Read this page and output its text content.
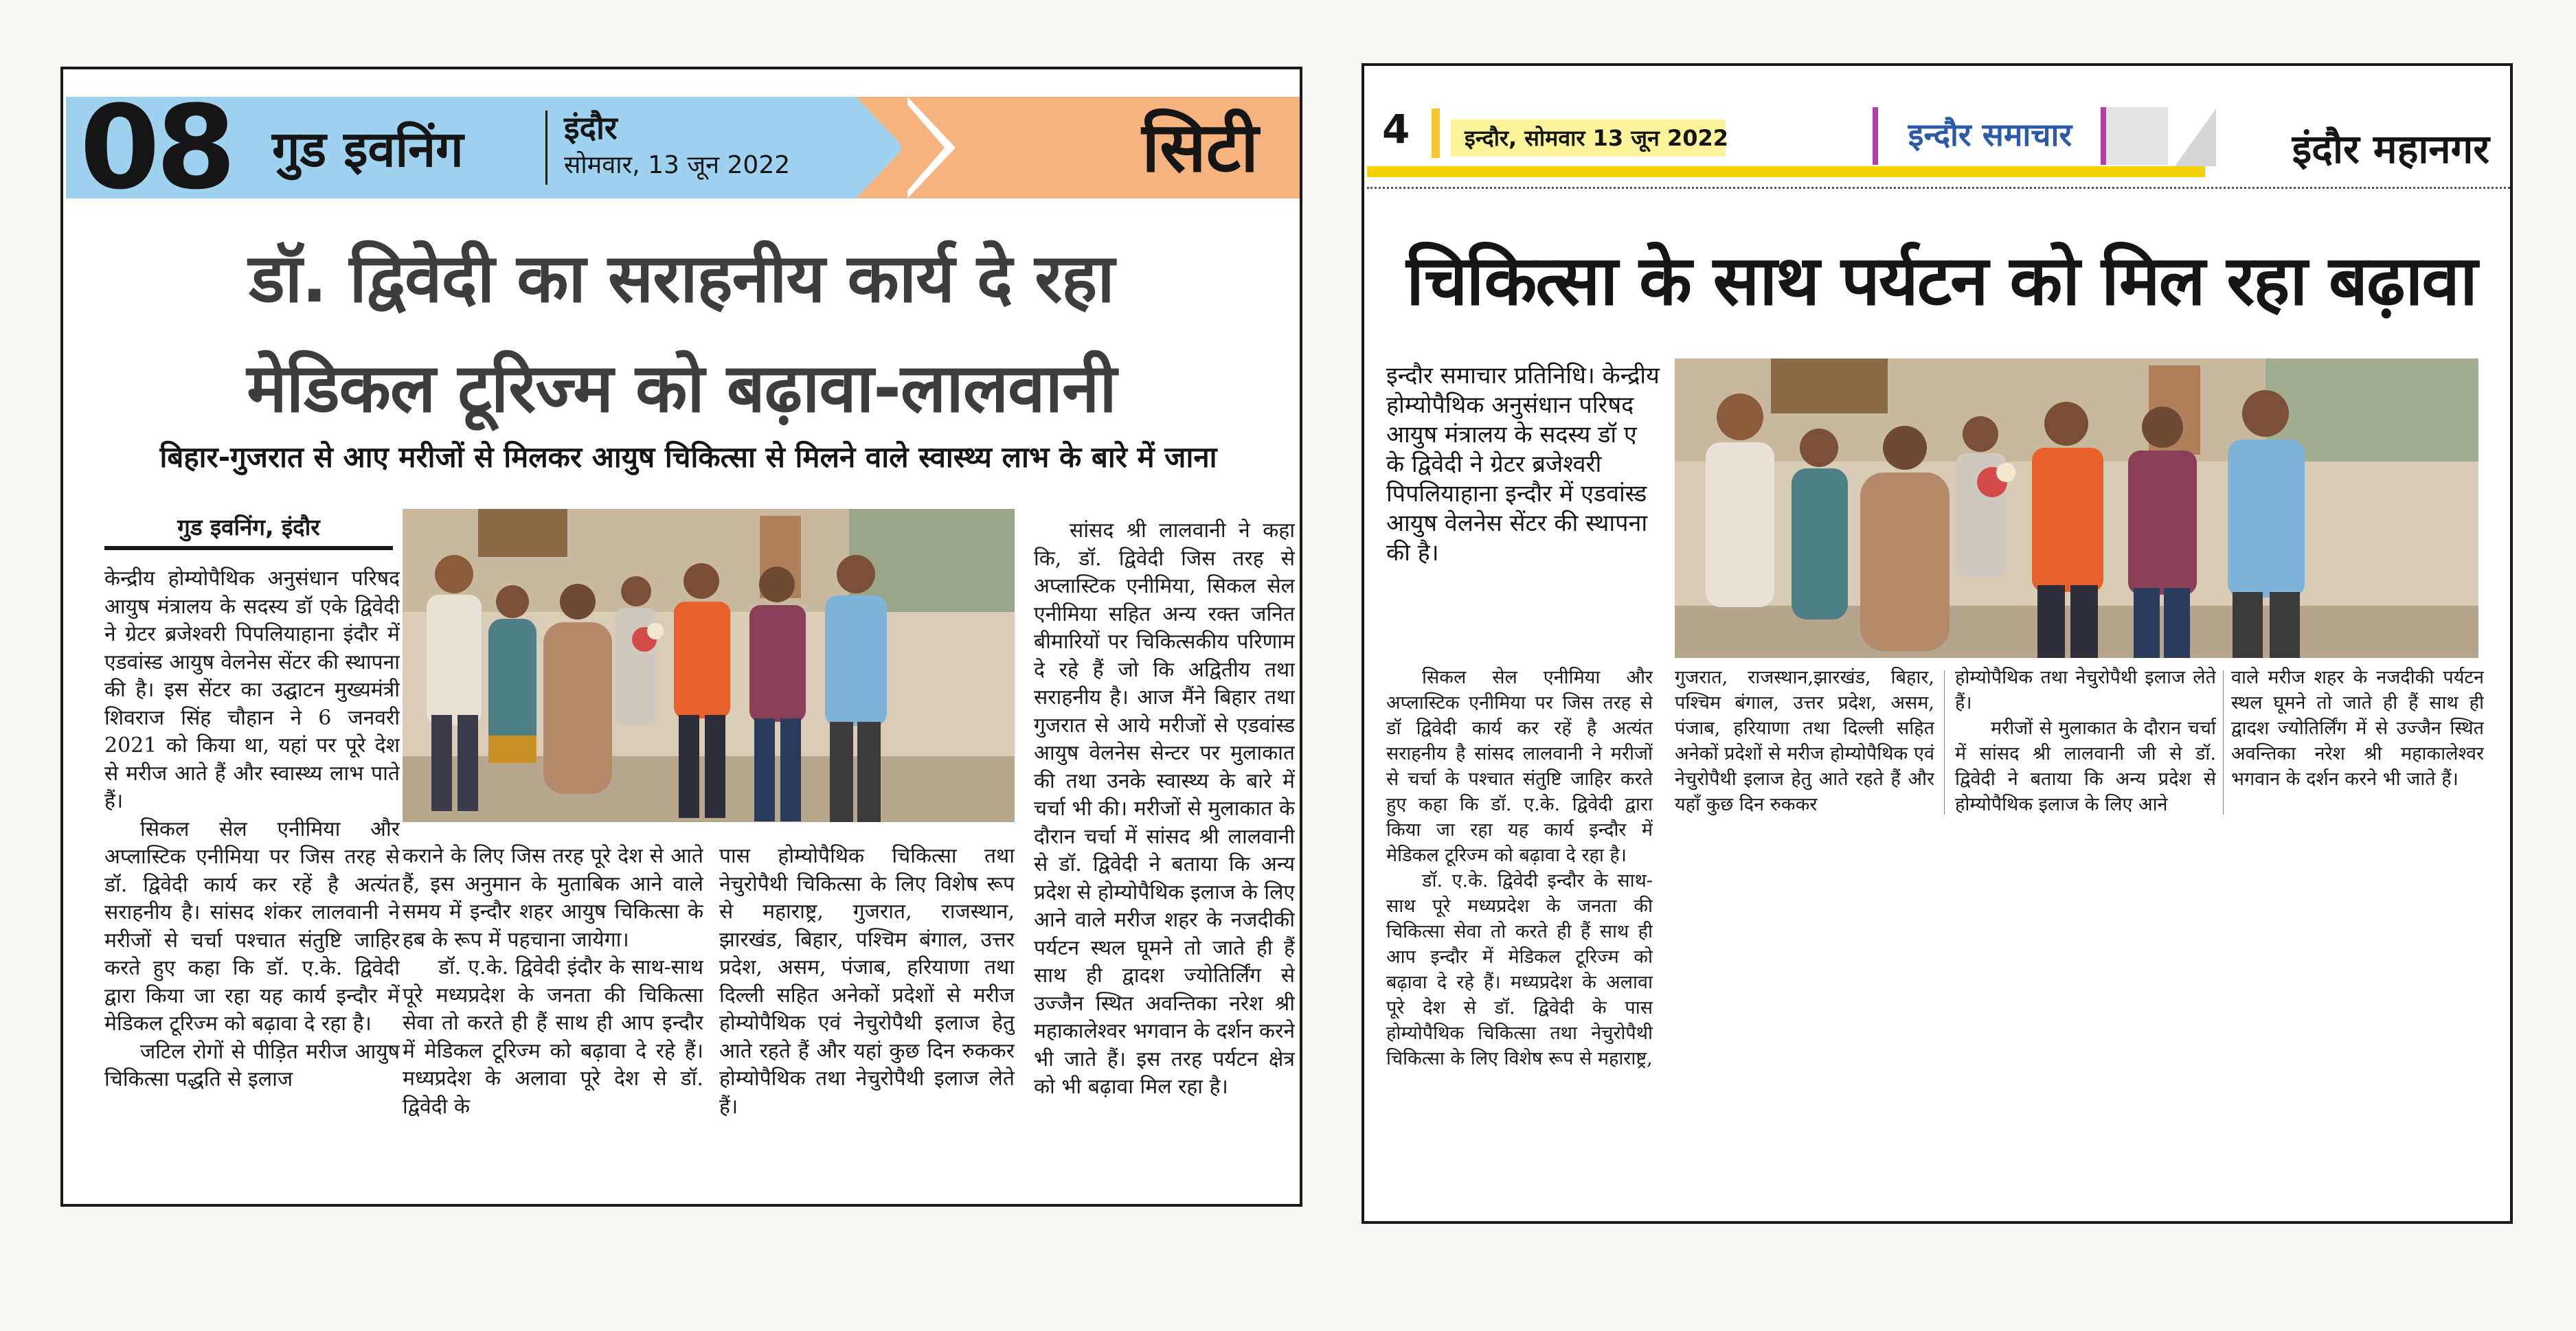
08 गुड इवनिंग	इंदौर
सोमवार, 13 जून 2022	सिटी
डॉ. द्विवेदी का सराहनीय कार्य दे रहा
मेडिकल टूरिज्म को बढ़ावा-लालवानी
बिहार-गुजरात से आए मरीजों से मिलकर आयुष चिकित्सा से मिलने वाले स्वास्थ्य लाभ के बारे में जाना
गुड इवनिंग, इंदौर

केन्द्रीय होम्योपैथिक अनुसंधान परिषद आयुष मंत्रालय के सदस्य डॉ एके द्विवेदी ने ग्रेटर ब्रजेश्वरी पिपलियाहाना इंदौर में एडवांस्ड आयुष वेलनेस सेंटर की स्थापना की है। इस सेंटर का उद्घाटन मुख्यमंत्री शिवराज सिंह चौहान ने 6 जनवरी 2021 को किया था, यहां पर पूरे देश से मरीज आते हैं और स्वास्थ्य लाभ पाते हैं।

सिकल सेल एनीमिया और अप्लास्टिक एनीमिया पर जिस तरह से डॉ. द्विवेदी कार्य कर रहें है अत्यंत सराहनीय है। सांसद शंकर लालवानी ने मरीजों से चर्चा पश्चात संतुष्टि जाहिर करते हुए कहा कि डॉ. ए.के. द्विवेदी द्वारा किया जा रहा यह कार्य इन्दौर में मेडिकल टूरिज्म को बढ़ावा दे रहा है।

जटिल रोगों से पीड़ित मरीज आयुष चिकित्सा पद्धति से इलाज

कराने के लिए जिस तरह पूरे देश से आते हैं, इस अनुमान के मुताबिक आने वाले समय में इन्दौर शहर आयुष चिकित्सा के हब के रूप में पहचाना जायेगा।

डॉ. ए.के. द्विवेदी इंदौर के साथ-साथ पूरे मध्यप्रदेश के जनता की चिकित्सा सेवा तो करते ही हैं साथ ही आप इन्दौर में मेडिकल टूरिज्म को बढ़ावा दे रहे हैं। मध्यप्रदेश के अलावा पूरे देश से डॉ. द्विवेदी के

पास होम्योपैथिक चिकित्सा तथा नेचुरोपैथी चिकित्सा के लिए विशेष रूप से महाराष्ट्र, गुजरात, राजस्थान, झारखंड, बिहार, पश्चिम बंगाल, उत्तर प्रदेश, असम, पंजाब, हरियाणा तथा दिल्ली सहित अनेकों प्रदेशों से मरीज होम्योपैथिक एवं नेचुरोपैथी इलाज हेतु आते रहते हैं और यहां कुछ दिन रुककर होम्योपैथिक तथा नेचुरोपैथी इलाज लेते हैं।

सांसद श्री लालवानी ने कहा कि, डॉ. द्विवेदी जिस तरह से अप्लास्टिक एनीमिया, सिकल सेल एनीमिया सहित अन्य रक्त जनित बीमारियों पर चिकित्सकीय परिणाम दे रहे हैं जो कि अद्वितीय तथा सराहनीय है। आज मैंने बिहार तथा गुजरात से आये मरीजों से एडवांस्ड आयुष वेलनेस सेन्टर पर मुलाकात की तथा उनके स्वास्थ्य के बारे में चर्चा भी की। मरीजों से मुलाकात के दौरान चर्चा में सांसद श्री लालवानी से डॉ. द्विवेदी ने बताया कि अन्य प्रदेश से होम्योपैथिक इलाज के लिए आने वाले मरीज शहर के नजदीकी पर्यटन स्थल घूमने तो जाते ही हैं साथ ही द्वादश ज्योतिर्लिंग से उज्जैन स्थित अवन्तिका नरेश श्री महाकालेश्वर भगवान के दर्शन करने भी जाते हैं। इस तरह पर्यटन क्षेत्र को भी बढ़ावा मिल रहा है।

4 इन्दौर, सोमवार 13 जून 2022	इन्दौर समाचार	इंदौर महानगर
चिकित्सा के साथ पर्यटन को मिल रहा बढ़ावा
इन्दौर समाचार प्रतिनिधि। केन्द्रीय होम्योपैथिक अनुसंधान परिषद आयुष मंत्रालय के सदस्य डॉ ए के द्विवेदी ने ग्रेटर ब्रजेश्वरी पिपलियाहाना इन्दौर में एडवांस्ड आयुष वेलनेस सेंटर की स्थापना की है।

सिकल सेल एनीमिया और अप्लास्टिक एनीमिया पर जिस तरह से डॉ द्विवेदी कार्य कर रहें है अत्यंत सराहनीय है सांसद लालवानी ने मरीजों से चर्चा के पश्चात संतुष्टि जाहिर करते हुए कहा कि डॉ. ए.के. द्विवेदी द्वारा किया जा रहा यह कार्य इन्दौर में मेडिकल टूरिज्म को बढ़ावा दे रहा है।

डॉ. ए.के. द्विवेदी इन्दौर के साथ-साथ पूरे मध्यप्रदेश के जनता की चिकित्सा सेवा तो करते ही हैं साथ ही आप इन्दौर में मेडिकल टूरिज्म को बढ़ावा दे रहे हैं। मध्यप्रदेश के अलावा पूरे देश से डॉ. द्विवेदी के पास होम्योपैथिक चिकित्सा तथा नेचुरोपैथी चिकित्सा के लिए विशेष रूप से महाराष्ट्र,

गुजरात, राजस्थान,झारखंड, बिहार, पश्चिम बंगाल, उत्तर प्रदेश, असम, पंजाब, हरियाणा तथा दिल्ली सहित अनेकों प्रदेशों से मरीज होम्योपैथिक एवं नेचुरोपैथी इलाज हेतु आते रहते हैं और यहाँ कुछ दिन रुककर

होम्योपैथिक तथा नेचुरोपैथी इलाज लेते हैं।

मरीजों से मुलाकात के दौरान चर्चा में सांसद श्री लालवानी जी से डॉ. द्विवेदी ने बताया कि अन्य प्रदेश से होम्योपैथिक इलाज के लिए आने

वाले मरीज शहर के नजदीकी पर्यटन स्थल घूमने तो जाते ही हैं साथ ही द्वादश ज्योतिर्लिंग में से उज्जैन स्थित अवन्तिका नरेश श्री महाकालेश्वर भगवान के दर्शन करने भी जाते हैं।
